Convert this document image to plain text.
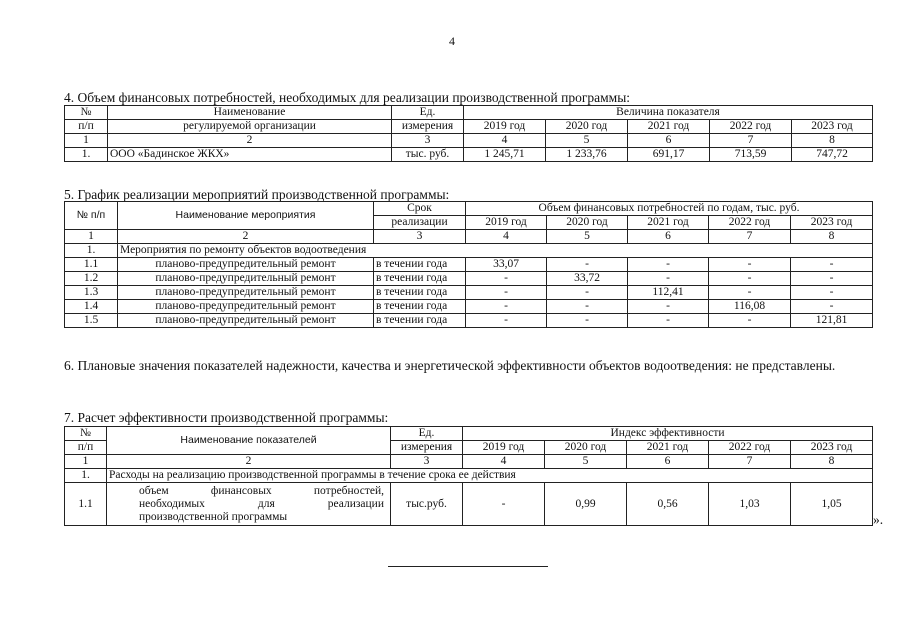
4
4. Объем финансовых потребностей, необходимых для реализации производственной программы:
№	Наименование	Ед.	Величина показателя				
п/п	регулируемой организации	измерения	2019 год	2020 год	2021 год	2022 год	2023 год
1	2	3	4	5	6	7	8
1.	ООО «Бадинское ЖКХ»	тыс. руб.	1 245,71	1 233,76	691,17	713,59	747,72
5. График реализации мероприятий производственной программы:
№ п/п	Наименование мероприятия	Срок	Объем финансовых потребностей по годам, тыс. руб.				
		реализации	2019 год	2020 год	2021 год	2022 год	2023 год
1	2	3	4	5	6	7	8
1.	Мероприятия по ремонту объектов водоотведения						
1.1	планово-предупредительный ремонт	в течении года	33,07	-	-	-	-
1.2	планово-предупредительный ремонт	в течении года	-	33,72	-	-	-
1.3	планово-предупредительный ремонт	в течении года	-	-	112,41	-	-
1.4	планово-предупредительный ремонт	в течении года	-	-	-	116,08	-
1.5	планово-предупредительный ремонт	в течении года	-	-	-	-	121,81
6. Плановые значения показателей надежности, качества и энергетической эффективности объектов водоотведения: не представлены.
7. Расчет эффективности производственной программы:
№	Наименование показателей	Ед.	Индекс эффективности				
п/п		измерения	2019 год	2020 год	2021 год	2022 год	2023 год
1	2	3	4	5	6	7	8
1.	Расходы на реализацию производственной программы в течение срока ее действия						
1.1	объем финансовых потребностей,
необходимых для реализации
производственной программы	тыс.руб.	-	0,99	0,56	1,03	1,05
».
